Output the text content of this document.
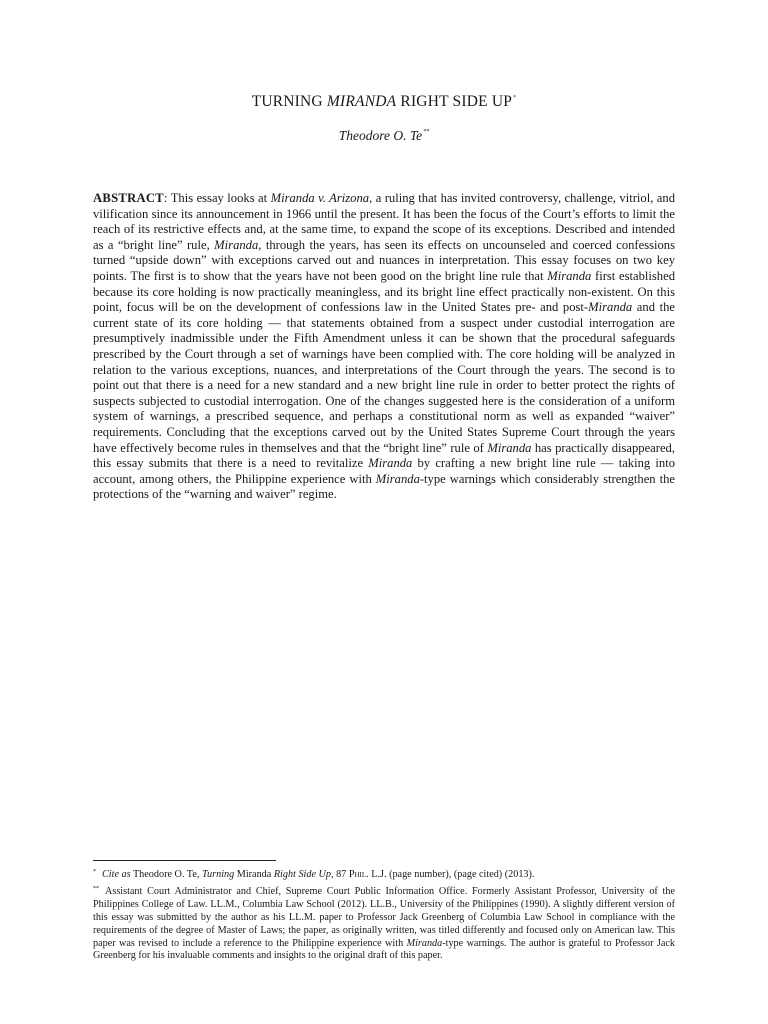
TURNING MIRANDA RIGHT SIDE UP*
Theodore O. Te**
ABSTRACT: This essay looks at Miranda v. Arizona, a ruling that has invited controversy, challenge, vitriol, and vilification since its announcement in 1966 until the present. It has been the focus of the Court’s efforts to limit the reach of its restrictive effects and, at the same time, to expand the scope of its exceptions. Described and intended as a “bright line” rule, Miranda, through the years, has seen its effects on uncounseled and coerced confessions turned “upside down” with exceptions carved out and nuances in interpretation. This essay focuses on two key points. The first is to show that the years have not been good on the bright line rule that Miranda first established because its core holding is now practically meaningless, and its bright line effect practically non-existent. On this point, focus will be on the development of confessions law in the United States pre- and post-Miranda and the current state of its core holding — that statements obtained from a suspect under custodial interrogation are presumptively inadmissible under the Fifth Amendment unless it can be shown that the procedural safeguards prescribed by the Court through a set of warnings have been complied with. The core holding will be analyzed in relation to the various exceptions, nuances, and interpretations of the Court through the years. The second is to point out that there is a need for a new standard and a new bright line rule in order to better protect the rights of suspects subjected to custodial interrogation. One of the changes suggested here is the consideration of a uniform system of warnings, a prescribed sequence, and perhaps a constitutional norm as well as expanded “waiver” requirements. Concluding that the exceptions carved out by the United States Supreme Court through the years have effectively become rules in themselves and that the “bright line” rule of Miranda has practically disappeared, this essay submits that there is a need to revitalize Miranda by crafting a new bright line rule — taking into account, among others, the Philippine experience with Miranda-type warnings which considerably strengthen the protections of the “warning and waiver” regime.

* Cite as Theodore O. Te, Turning Miranda Right Side Up, 87 Phil. L.J. (page number), (page cited) (2013).

** Assistant Court Administrator and Chief, Supreme Court Public Information Office. Formerly Assistant Professor, University of the Philippines College of Law. LL.M., Columbia Law School (2012). LL.B., University of the Philippines (1990). A slightly different version of this essay was submitted by the author as his LL.M. paper to Professor Jack Greenberg of Columbia Law School in compliance with the requirements of the degree of Master of Laws; the paper, as originally written, was titled differently and focused only on American law. This paper was revised to include a reference to the Philippine experience with Miranda-type warnings. The author is grateful to Professor Jack Greenberg for his invaluable comments and insights to the original draft of this paper.
